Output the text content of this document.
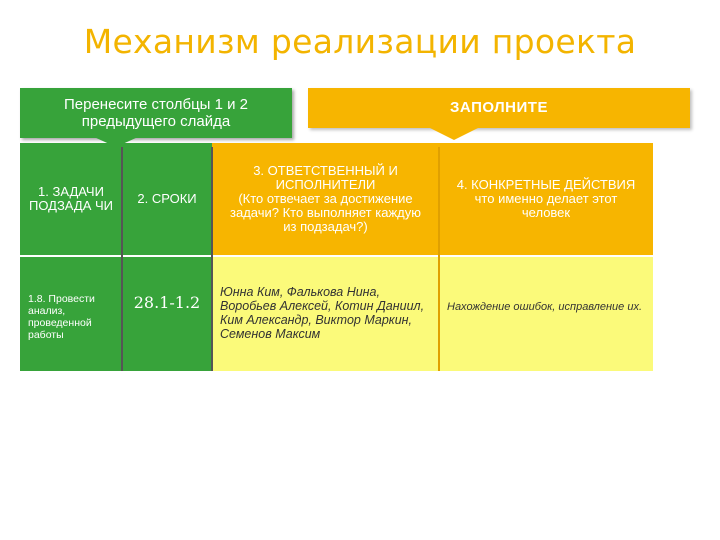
Механизм реализации проекта
Перенесите столбцы 1 и 2
предыдущего слайда
ЗАПОЛНИТЕ
1. ЗАДАЧИ ПОДЗАДА ЧИ 2. СРОКИ
3. ОТВЕТСТВЕННЫЙ И ИСПОЛНИТЕЛИ
(Кто отвечает за достижение задачи? Кто выполняет каждую из подзадач?)
4. КОНКРЕТНЫЕ ДЕЙСТВИЯ
что именно делает этот человек
1.8. Провести анализ, проведенной работы
28.1-1.2
Юнна Ким, Фалькова Нина, Воробьев Алексей, Котин Даниил, Ким Александр, Виктор Маркин, Семенов Максим
Нахождение ошибок, исправление их.
